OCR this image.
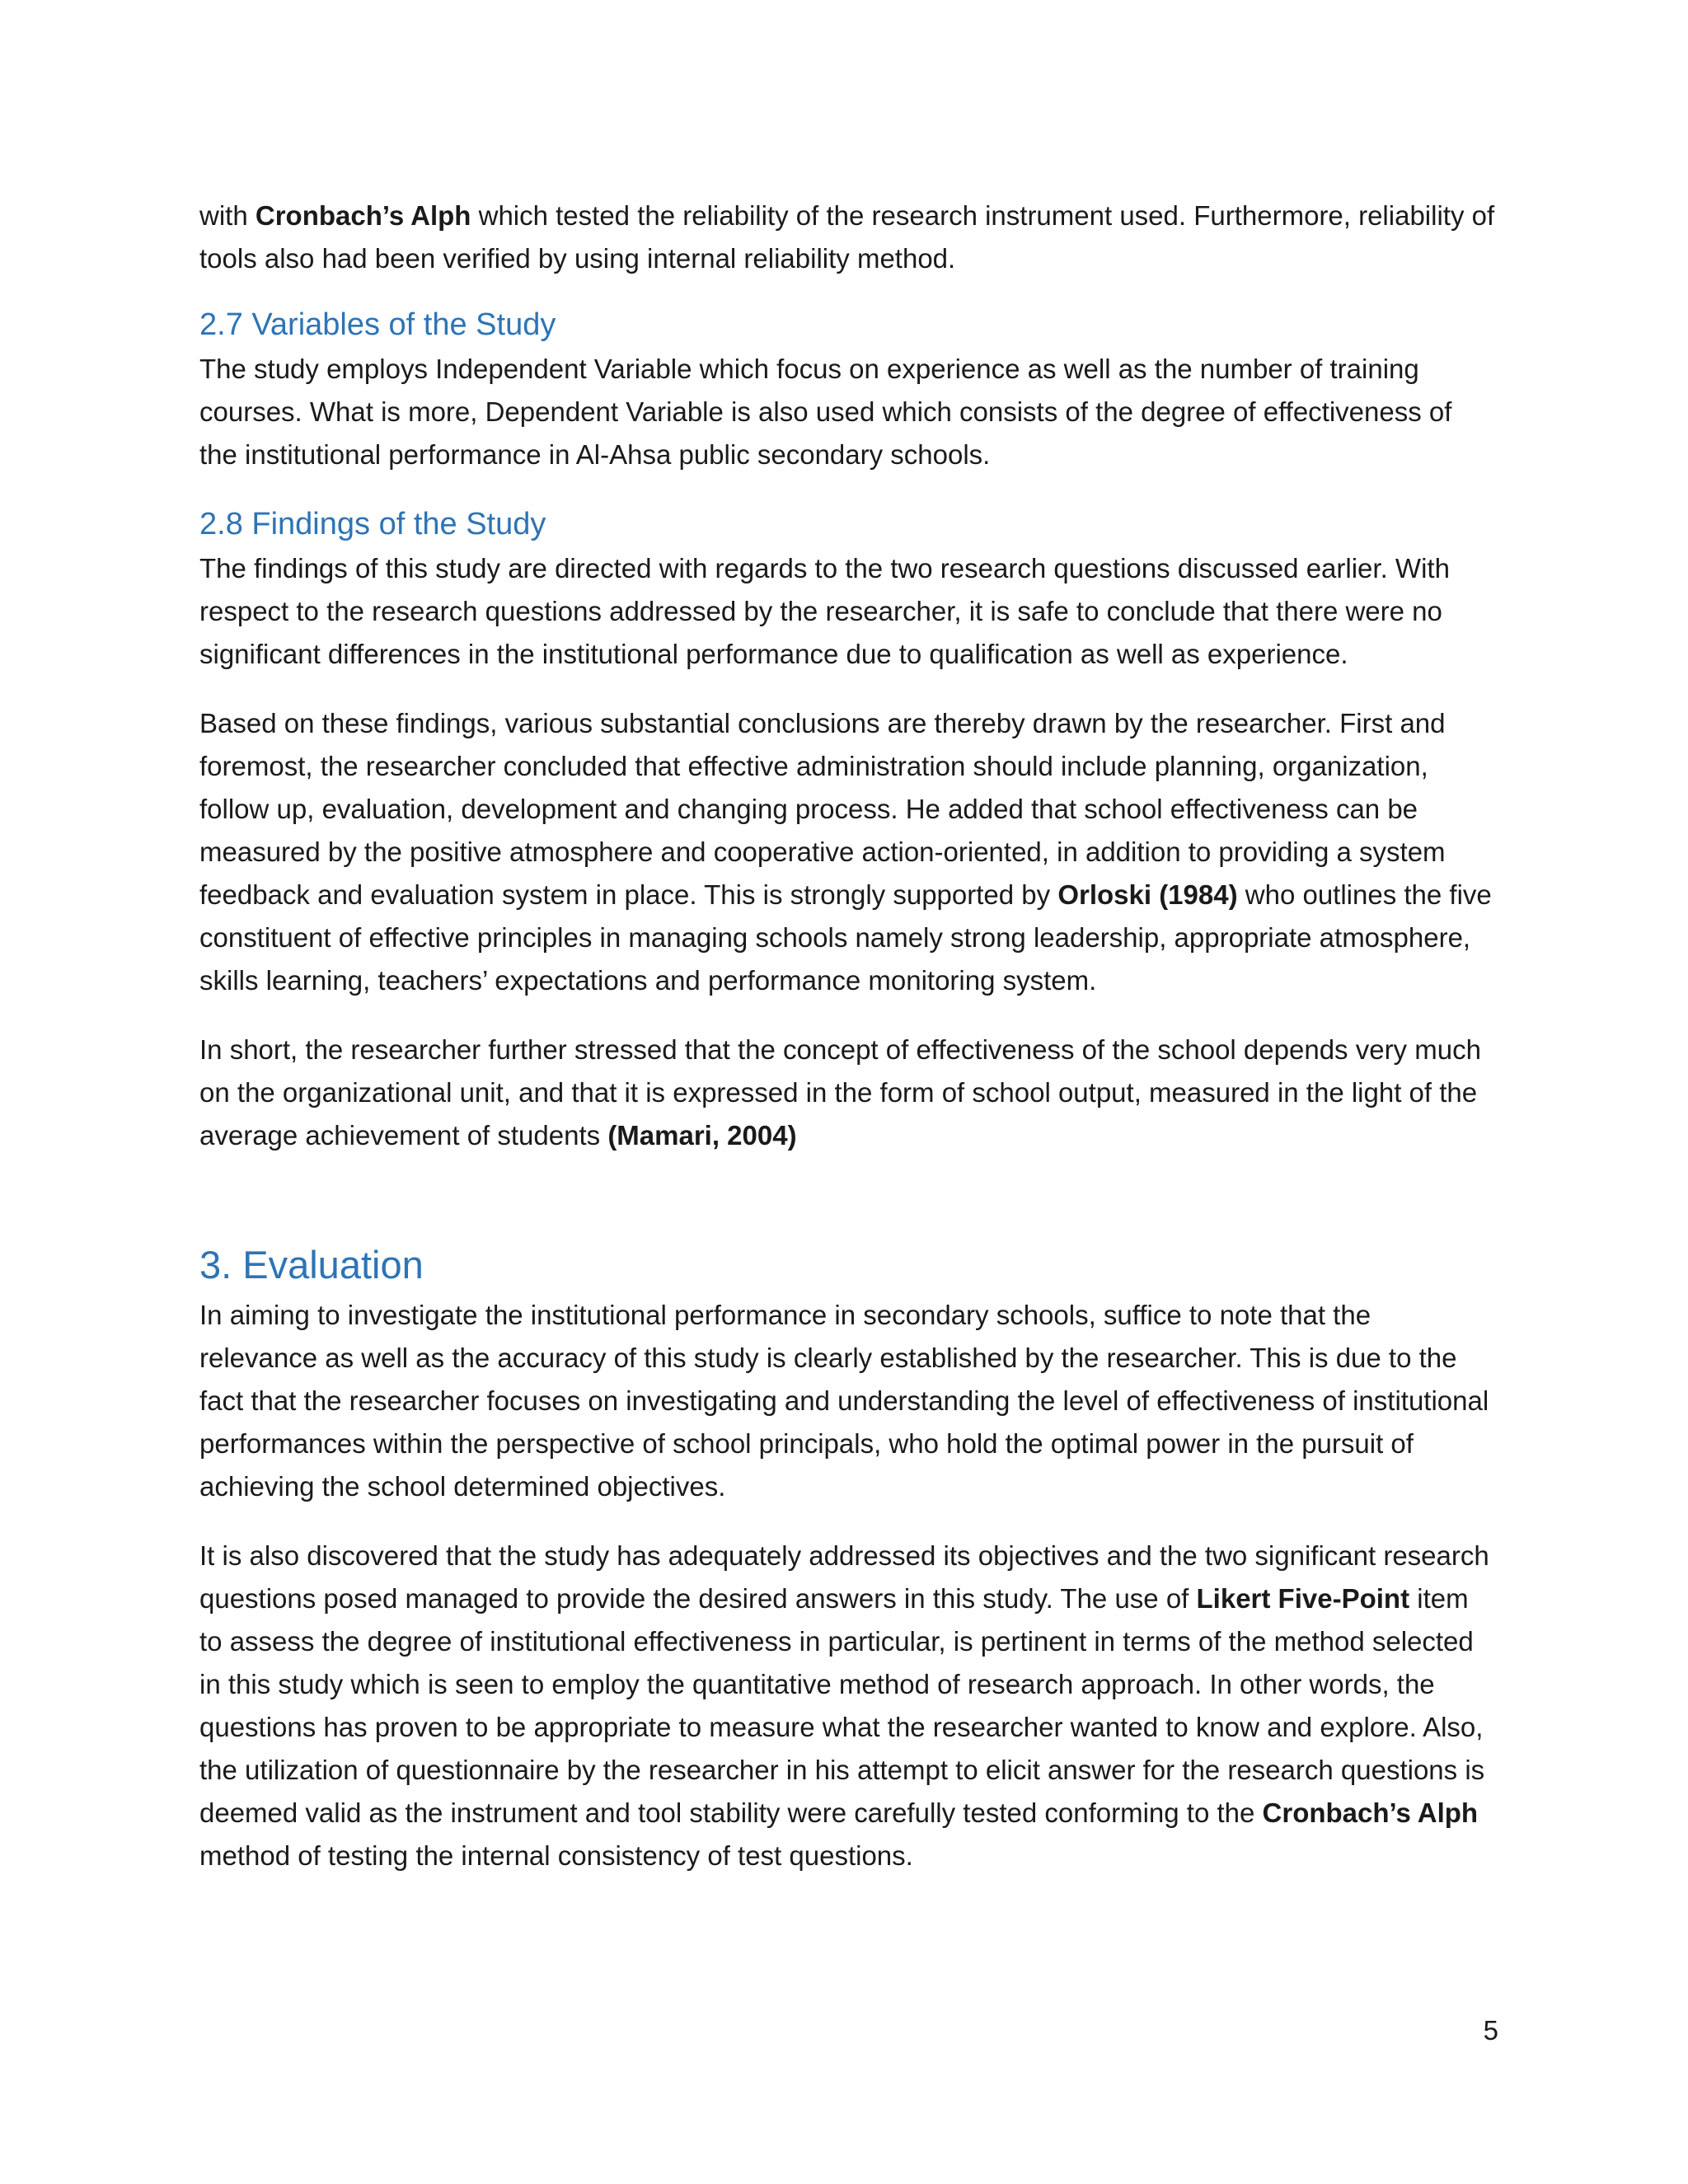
with Cronbach’s Alph which tested the reliability of the research instrument used. Furthermore, reliability of tools also had been verified by using internal reliability method.

2.7 Variables of the Study

The study employs Independent Variable which focus on experience as well as the number of training courses. What is more, Dependent Variable is also used which consists of the degree of effectiveness of the institutional performance in Al-Ahsa public secondary schools.

2.8 Findings of the Study

The findings of this study are directed with regards to the two research questions discussed earlier. With respect to the research questions addressed by the researcher, it is safe to conclude that there were no significant differences in the institutional performance due to qualification as well as experience.

Based on these findings, various substantial conclusions are thereby drawn by the researcher. First and foremost, the researcher concluded that effective administration should include planning, organization, follow up, evaluation, development and changing process. He added that school effectiveness can be measured by the positive atmosphere and cooperative action-oriented, in addition to providing a system feedback and evaluation system in place. This is strongly supported by Orloski (1984) who outlines the five constituent of effective principles in managing schools namely strong leadership, appropriate atmosphere, skills learning, teachers’ expectations and performance monitoring system.

In short, the researcher further stressed that the concept of effectiveness of the school depends very much on the organizational unit, and that it is expressed in the form of school output, measured in the light of the average achievement of students (Mamari, 2004)

3. Evaluation

In aiming to investigate the institutional performance in secondary schools, suffice to note that the relevance as well as the accuracy of this study is clearly established by the researcher. This is due to the fact that the researcher focuses on investigating and understanding the level of effectiveness of institutional performances within the perspective of school principals, who hold the optimal power in the pursuit of achieving the school determined objectives.

It is also discovered that the study has adequately addressed its objectives and the two significant research questions posed managed to provide the desired answers in this study. The use of Likert Five-Point item to assess the degree of institutional effectiveness in particular, is pertinent in terms of the method selected in this study which is seen to employ the quantitative method of research approach. In other words, the questions has proven to be appropriate to measure what the researcher wanted to know and explore. Also, the utilization of questionnaire by the researcher in his attempt to elicit answer for the research questions is deemed valid as the instrument and tool stability were carefully tested conforming to the Cronbach’s Alph method of testing the internal consistency of test questions.

5
